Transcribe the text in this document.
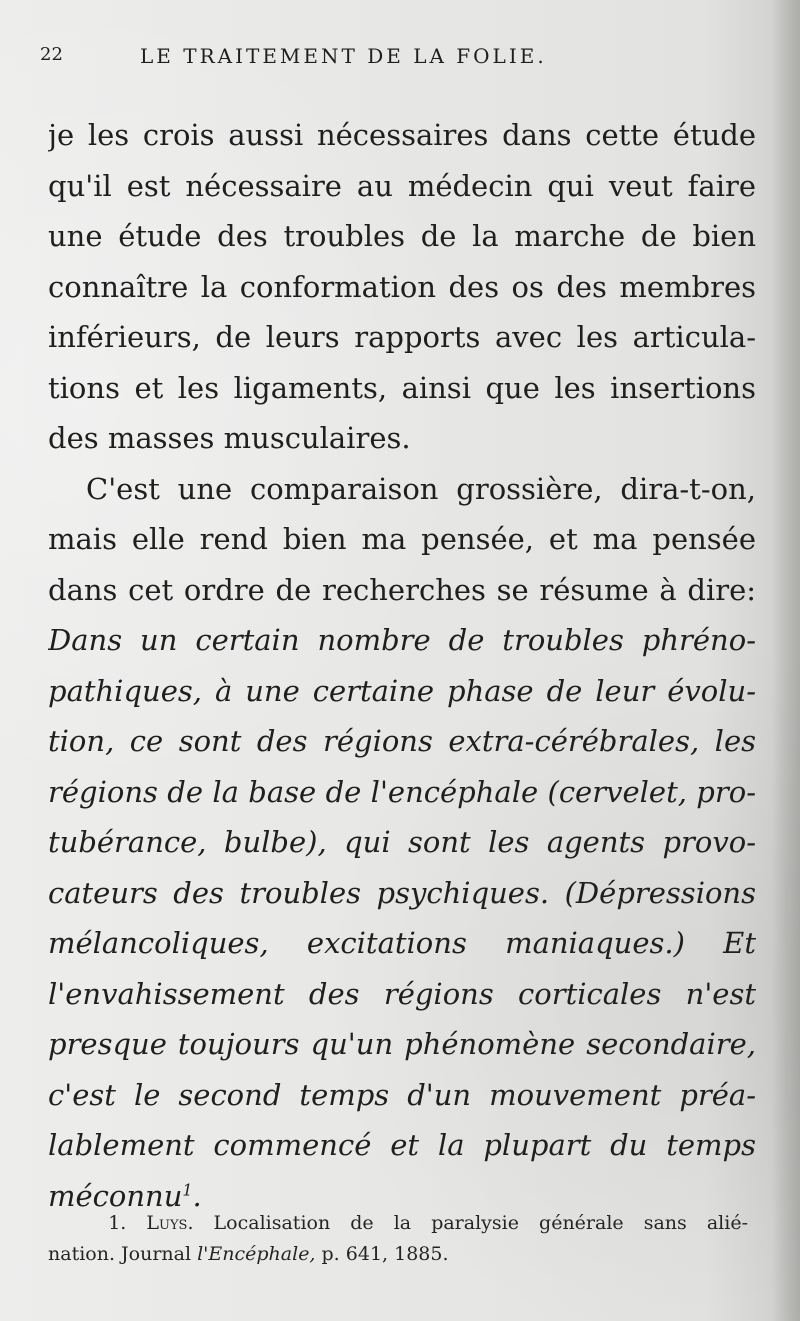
22	LE TRAITEMENT DE LA FOLIE.
je les crois aussi nécessaires dans cette étude
qu'il est nécessaire au médecin qui veut faire
une étude des troubles de la marche de bien
connaître la conformation des os des membres
inférieurs, de leurs rapports avec les articula-
tions et les ligaments, ainsi que les insertions
des masses musculaires.
C'est une comparaison grossière, dira-t-on,
mais elle rend bien ma pensée, et ma pensée
dans cet ordre de recherches se résume à dire:
Dans un certain nombre de troubles phréno-
pathiques, à une certaine phase de leur évolu-
tion, ce sont des régions extra-cérébrales, les
régions de la base de l'encéphale (cervelet, pro-
tubérance, bulbe), qui sont les agents provo-
cateurs des troubles psychiques. (Dépressions
mélancoliques, excitations maniaques.) Et
l'envahissement des régions corticales n'est
presque toujours qu'un phénomène secondaire,
c'est le second temps d'un mouvement préa-
lablement commencé et la plupart du temps
méconnu$^1$.
1. Luys. Localisation de la paralysie générale sans alié-
nation. Journal l'Encéphale, p. 641, 1885.
